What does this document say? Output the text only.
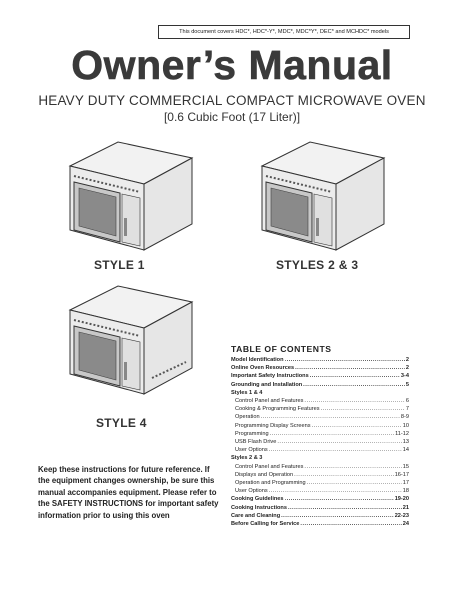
This document covers HDC*, HDC*-Y*, MDC*, MDC*Y*, DEC* and MCHDC* models
Owner’s Manual
HEAVY DUTY COMMERCIAL COMPACT MICROWAVE OVEN
[0.6 Cubic Foot (17 Liter)]
STYLE 1	STYLES 2 & 3
STYLE 4
Keep these instructions for future reference. If the equipment changes ownership, be sure this manual accompanies equipment. Please refer to the SAFETY INSTRUCTIONS for important safety information prior to using this oven
TABLE OF CONTENTS
Model Identification .....	2
Online Oven Resources .....	2
Important Safety Instructions .....	3-4
Grounding and Installation .....	5
Styles 1 & 4
Control Panel and Features .....	6
Cooking & Programming Features .....	7
Operation .....	8-9
Programming Display Screens .....	10
Programming .....	11-12
USB Flash Drive .....	13
User Options .....	14
Styles 2 & 3
Control Panel and Features .....	15
Displays and Operation .....	16-17
Operation and Programming .....	17
User Options .....	18
Cooking Guidelines .....	19-20
Cooking Instructions .....	21
Care and Cleaning .....	22-23
Before Calling for Service .....	24
